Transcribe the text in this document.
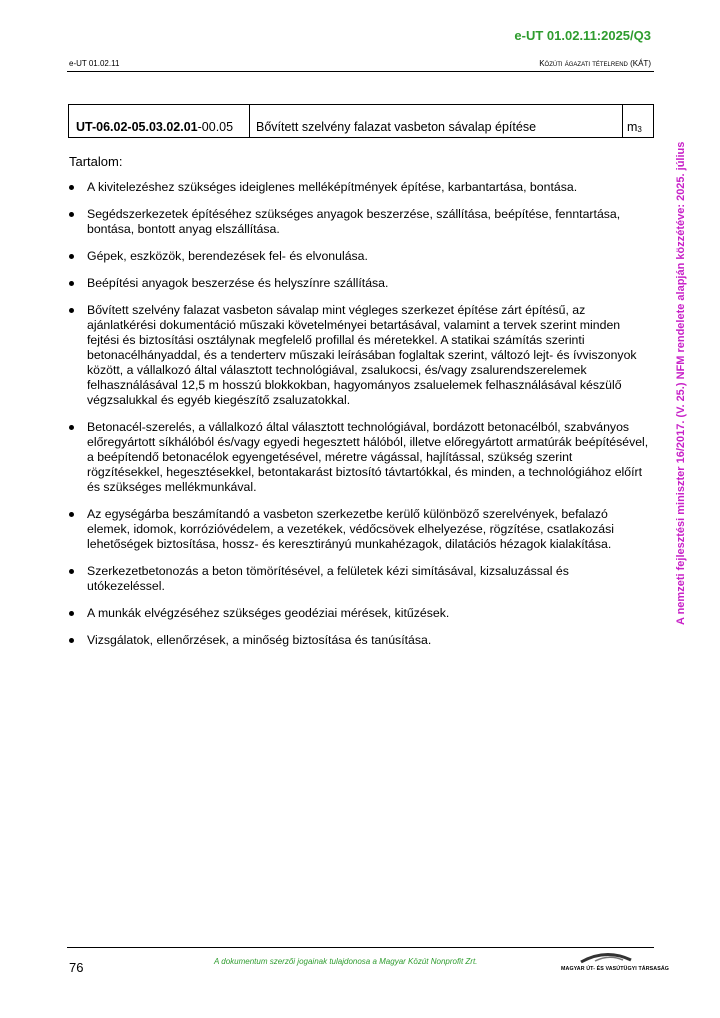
e-UT 01.02.11:2025/Q3
e-UT 01.02.11	Közúti ágazati tételrend (KÁT)
A nemzeti fejlesztési miniszter 16/2017. (V. 25.) NFM rendelete alapján közzétéve: 2025. július
UT-06.02-05.03.02.01 -00.05	Bővített szelvény falazat vasbeton sávalap építése	$m_3$
Tartalom:
A kivitelezéshez szükséges ideiglenes melléképítmények építése, karbantartása, bontása.
Segédszerkezetek építéséhez szükséges anyagok beszerzése, szállítása, beépítése, fenntartása, bontása, bontott anyag elszállítása.
Gépek, eszközök, berendezések fel- és elvonulása.
Beépítési anyagok beszerzése és helyszínre szállítása.
Bővített szelvény falazat vasbeton sávalap mint végleges szerkezet építése zárt építésű, az ajánlatkérési dokumentáció műszaki követelményei betartásával, valamint a tervek szerint minden fejtési és biztosítási osztálynak megfelelő profillal és méretekkel. A statikai számítás szerinti betonacélhányaddal, és a tenderterv műszaki leírásában foglaltak szerint, változó lejt- és ívviszonyok között, a vállalkozó által választott technológiával, zsalukocsi, és/vagy zsalurendszerelemek felhasználásával 12,5 m hosszú blokkokban, hagyományos zsaluelemek felhasználásával készülő végzsalukkal és egyéb kiegészítő zsaluzatokkal.
Betonacél-szerelés, a vállalkozó által választott technológiával, bordázott betonacélból, szabványos előregyártott síkhálóból és/vagy egyedi hegesztett hálóból, illetve előregyártott armatúrák beépítésével, a beépítendő betonacélok egyengetésével, méretre vágással, hajlítással, szükség szerint rögzítésekkel, hegesztésekkel, betontakarást biztosító távtartókkal, és minden, a technológiához előírt és szükséges mellékmunkával.
Az egységárba beszámítandó a vasbeton szerkezetbe kerülő különböző szerelvények, befalazó elemek, idomok, korrózióvédelem, a vezetékek, védőcsövek elhelyezése, rögzítése, csatlakozási lehetőségek biztosítása, hossz- és keresztirányú munkahézagok, dilatációs hézagok kialakítása.
Szerkezetbetonozás a beton tömörítésével, a felületek kézi simításával, kizsaluzással és utókezeléssel.
A munkák elvégzéséhez szükséges geodéziai mérések, kitűzések.
Vizsgálatok, ellenőrzések, a minőség biztosítása és tanúsítása.
76	A dokumentum szerzői jogainak tulajdonosa a Magyar Közút Nonprofit Zrt.
MAGYAR ÚT- ÉS VASÚTÜGYI TÁRSASÁG
